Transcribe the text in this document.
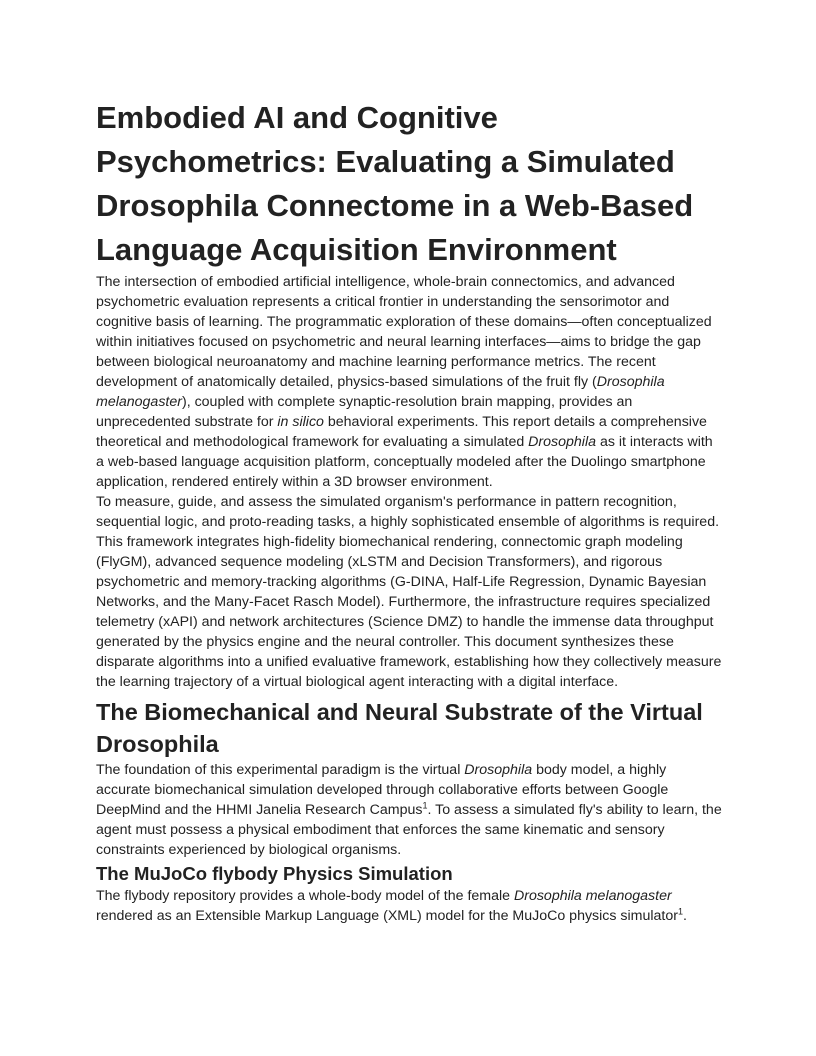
Embodied AI and Cognitive Psychometrics: Evaluating a Simulated Drosophila Connectome in a Web-Based Language Acquisition Environment

The intersection of embodied artificial intelligence, whole-brain connectomics, and advanced psychometric evaluation represents a critical frontier in understanding the sensorimotor and cognitive basis of learning. The programmatic exploration of these domains—often conceptualized within initiatives focused on psychometric and neural learning interfaces—aims to bridge the gap between biological neuroanatomy and machine learning performance metrics. The recent development of anatomically detailed, physics-based simulations of the fruit fly (Drosophila melanogaster), coupled with complete synaptic-resolution brain mapping, provides an unprecedented substrate for in silico behavioral experiments. This report details a comprehensive theoretical and methodological framework for evaluating a simulated Drosophila as it interacts with a web-based language acquisition platform, conceptually modeled after the Duolingo smartphone application, rendered entirely within a 3D browser environment.

To measure, guide, and assess the simulated organism's performance in pattern recognition, sequential logic, and proto-reading tasks, a highly sophisticated ensemble of algorithms is required. This framework integrates high-fidelity biomechanical rendering, connectomic graph modeling (FlyGM), advanced sequence modeling (xLSTM and Decision Transformers), and rigorous psychometric and memory-tracking algorithms (G-DINA, Half-Life Regression, Dynamic Bayesian Networks, and the Many-Facet Rasch Model). Furthermore, the infrastructure requires specialized telemetry (xAPI) and network architectures (Science DMZ) to handle the immense data throughput generated by the physics engine and the neural controller. This document synthesizes these disparate algorithms into a unified evaluative framework, establishing how they collectively measure the learning trajectory of a virtual biological agent interacting with a digital interface.

The Biomechanical and Neural Substrate of the Virtual Drosophila

The foundation of this experimental paradigm is the virtual Drosophila body model, a highly accurate biomechanical simulation developed through collaborative efforts between Google DeepMind and the HHMI Janelia Research Campus$^1$. To assess a simulated fly's ability to learn, the agent must possess a physical embodiment that enforces the same kinematic and sensory constraints experienced by biological organisms.

The MuJoCo flybody Physics Simulation

The flybody repository provides a whole-body model of the female Drosophila melanogaster rendered as an Extensible Markup Language (XML) model for the MuJoCo physics simulator$^1$.
